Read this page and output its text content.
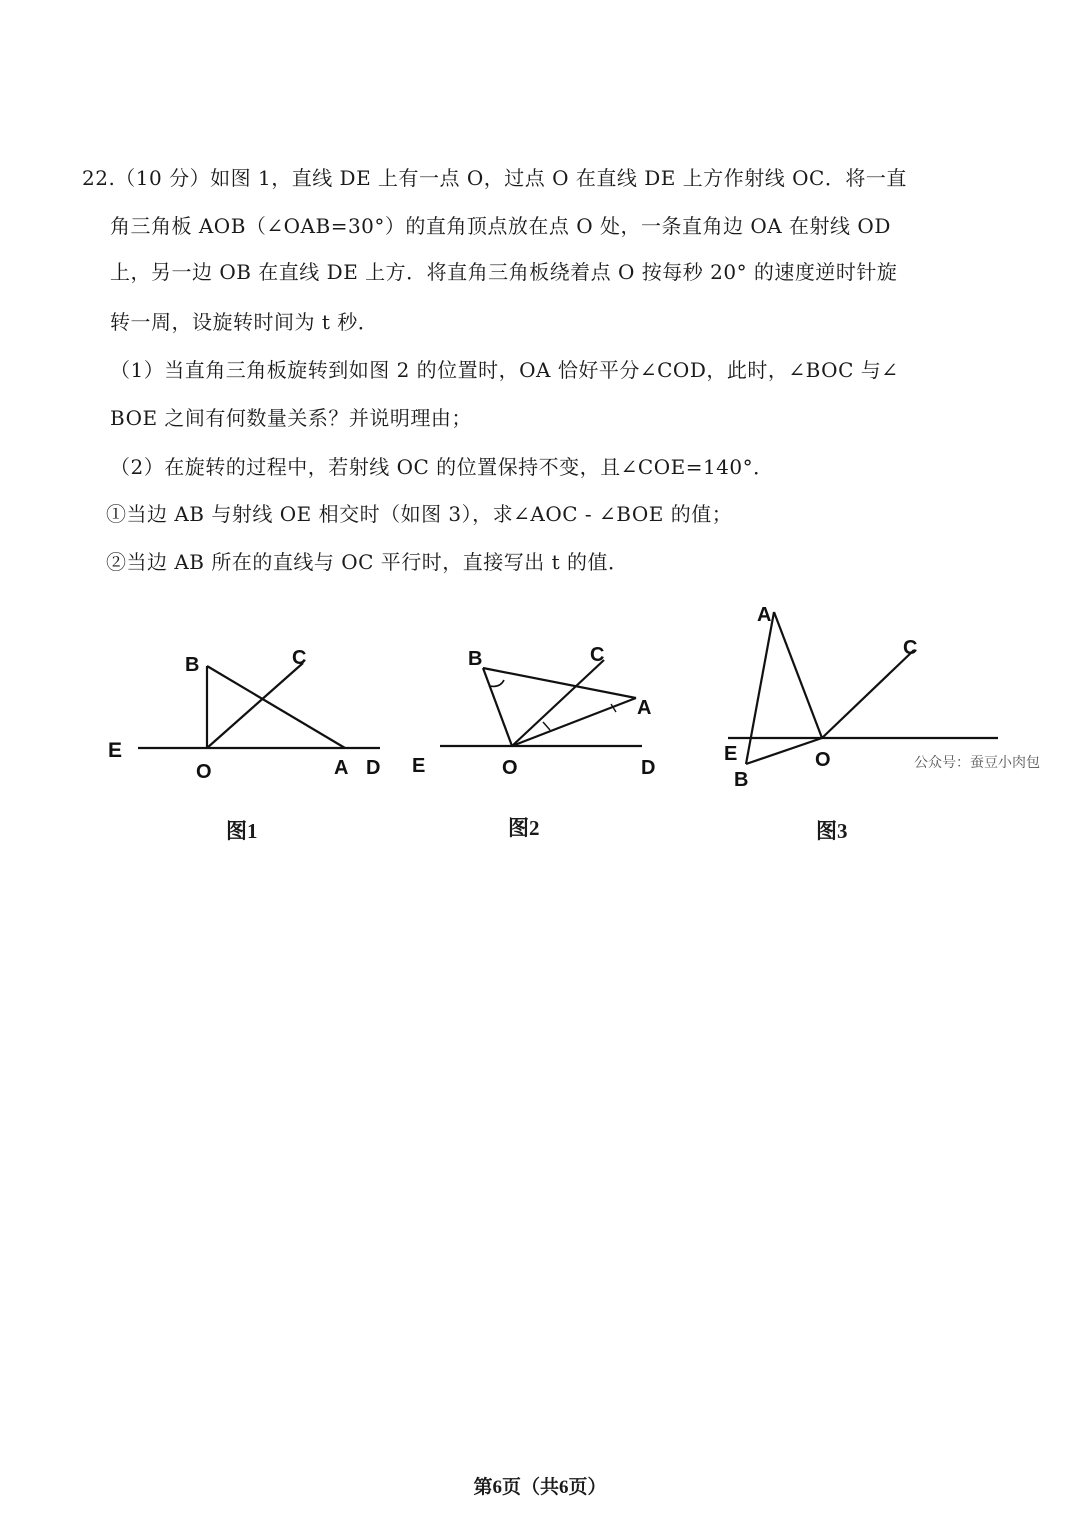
22.（10 分）如图 1，直线 DE 上有一点 O，过点 O 在直线 DE 上方作射线 OC．将一直
角三角板 AOB（∠OAB=30°）的直角顶点放在点 O 处，一条直角边 OA 在射线 OD
上，另一边 OB 在直线 DE 上方．将直角三角板绕着点 O 按每秒 20° 的速度逆时针旋
转一周，设旋转时间为 t 秒．
（1）当直角三角板旋转到如图 2 的位置时，OA 恰好平分∠COD，此时，∠BOC 与∠
BOE 之间有何数量关系？并说明理由；
（2）在旋转的过程中，若射线 OC 的位置保持不变，且∠COE=140°．
①当边 AB 与射线 OE 相交时（如图 3），求∠AOC - ∠BOE 的值；
②当边 AB 所在的直线与 OC 平行时，直接写出 t 的值．
B	C
E
O	A D
B	C
A
E	O	D
A
C
E
B
O
图1	图2	图3
公众号：蚕豆小肉包
第6页（共6页）
